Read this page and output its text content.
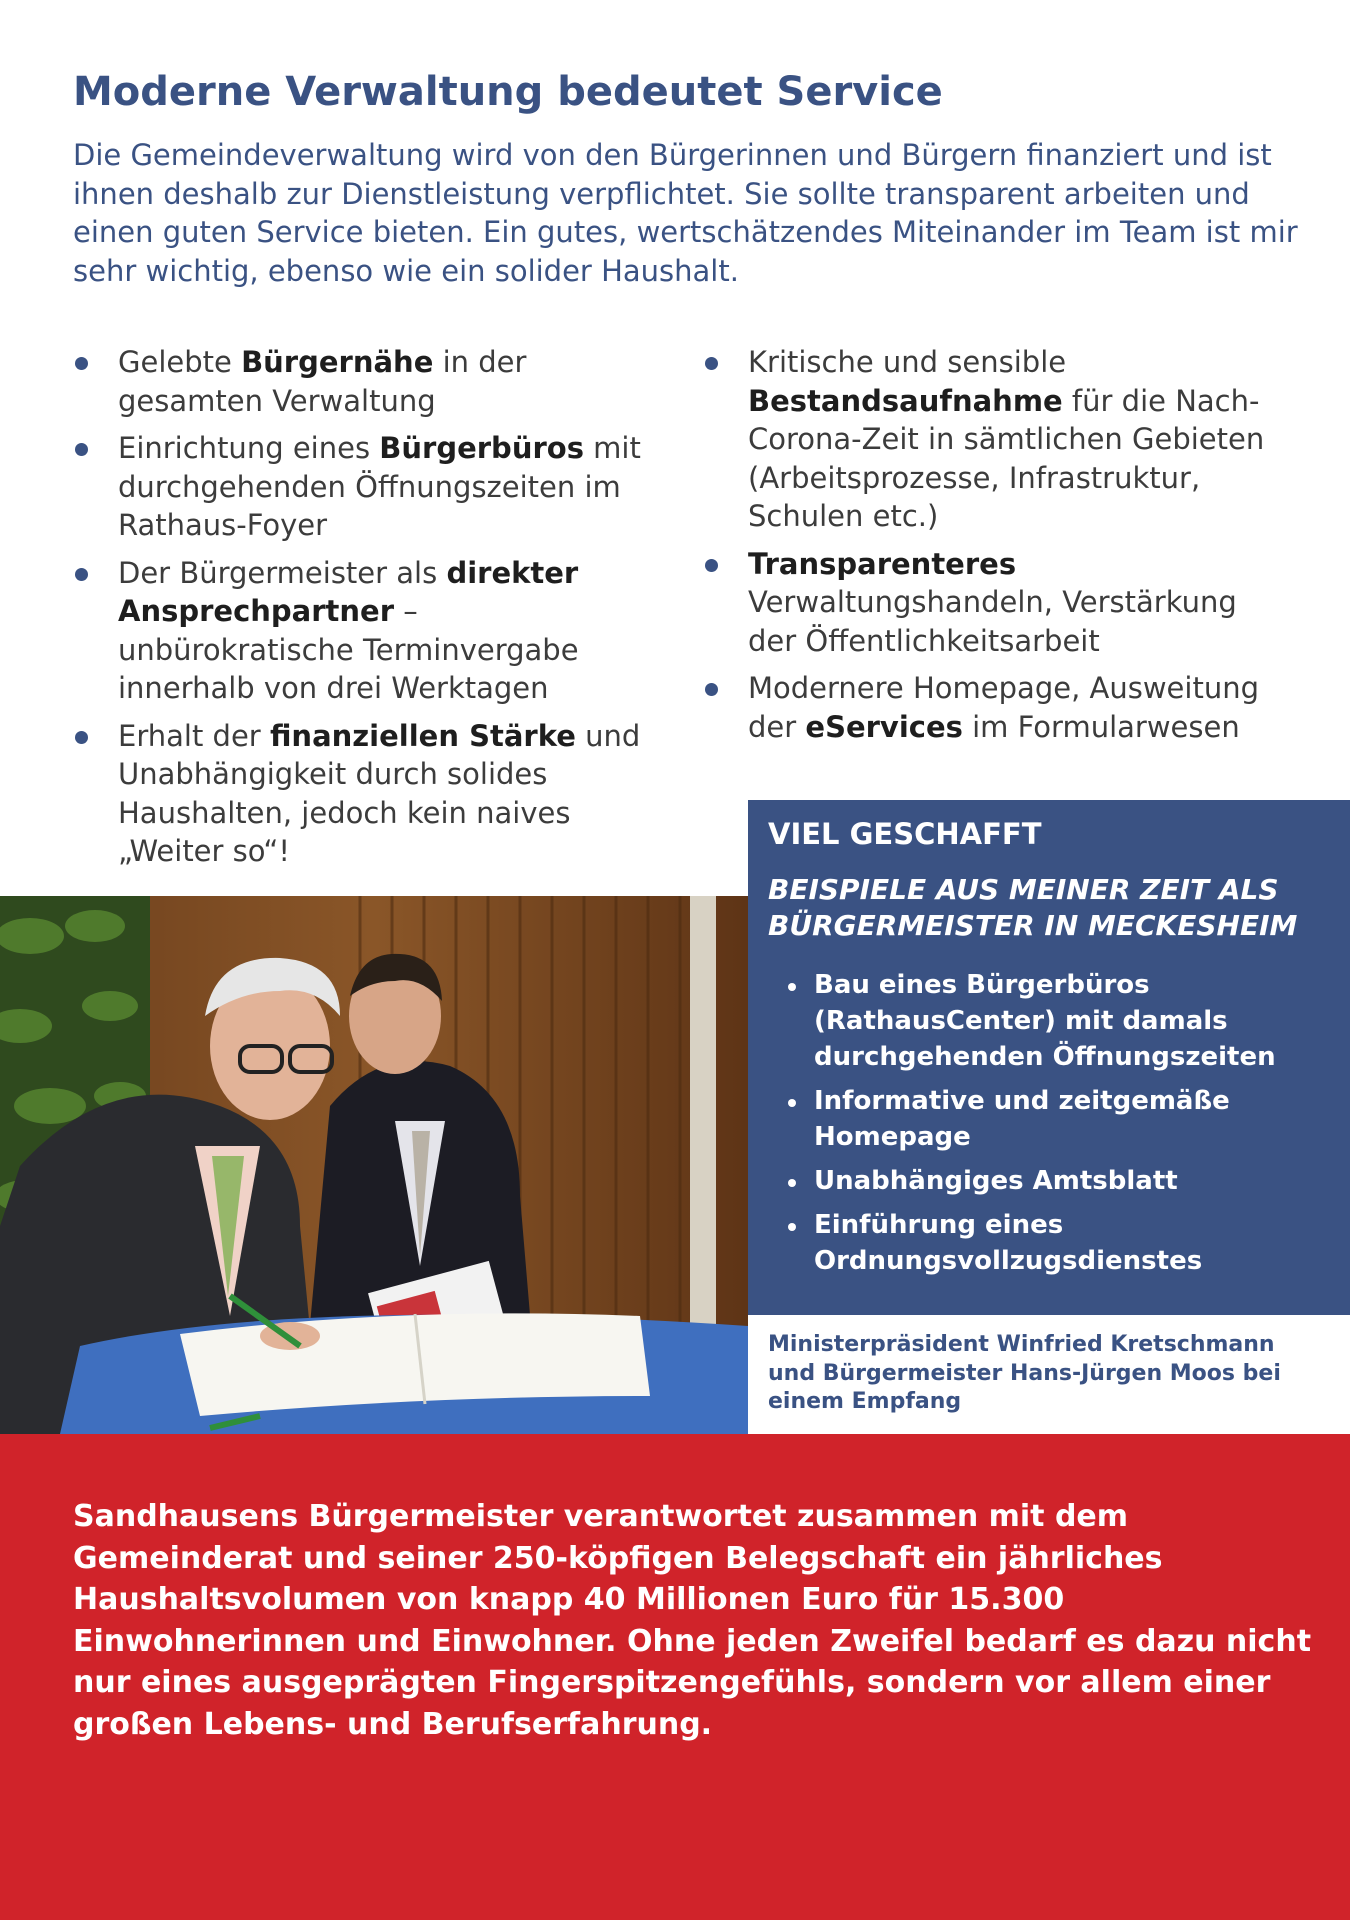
Moderne Verwaltung bedeutet Service

Die Gemeindeverwaltung wird von den Bürgerinnen und Bürgern finanziert und ist ihnen deshalb zur Dienstleistung verpflichtet. Sie sollte transparent arbeiten und einen guten Service bieten. Ein gutes, wertschätzendes Miteinander im Team ist mir sehr wichtig, ebenso wie ein solider Haushalt.

Gelebte Bürgernähe in der gesamten Verwaltung
Einrichtung eines Bürgerbüros mit durchgehenden Öffnungszeiten im Rathaus-Foyer
Der Bürgermeister als direkter Ansprechpartner – unbürokratische Terminvergabe innerhalb von drei Werktagen
Erhalt der finanziellen Stärke und Unabhängigkeit durch solides Haushalten, jedoch kein naives „Weiter so“!
Kritische und sensible Bestandsaufnahme für die Nach-Corona-Zeit in sämtlichen Gebieten (Arbeitsprozesse, Infrastruktur, Schulen etc.)
Transparenteres Verwaltungshandeln, Verstärkung der Öffentlichkeitsarbeit
Modernere Homepage, Ausweitung der eServices im Formularwesen

VIEL GESCHAFFT

BEISPIELE AUS MEINER ZEIT ALS BÜRGERMEISTER IN MECKESHEIM

Bau eines Bürgerbüros (RathausCenter) mit damals durchgehenden Öffnungszeiten
Informative und zeitgemäße Homepage
Unabhängiges Amtsblatt
Einführung eines Ordnungsvollzugsdienstes

Ministerpräsident Winfried Kretschmann und Bürgermeister Hans-Jürgen Moos bei einem Empfang

Sandhausens Bürgermeister verantwortet zusammen mit dem Gemeinderat und seiner 250-köpfigen Belegschaft ein jährliches Haushaltsvolumen von knapp 40 Millionen Euro für 15.300 Einwohnerinnen und Einwohner. Ohne jeden Zweifel bedarf es dazu nicht nur eines ausgeprägten Fingerspitzengefühls, sondern vor allem einer großen Lebens- und Berufserfahrung.
